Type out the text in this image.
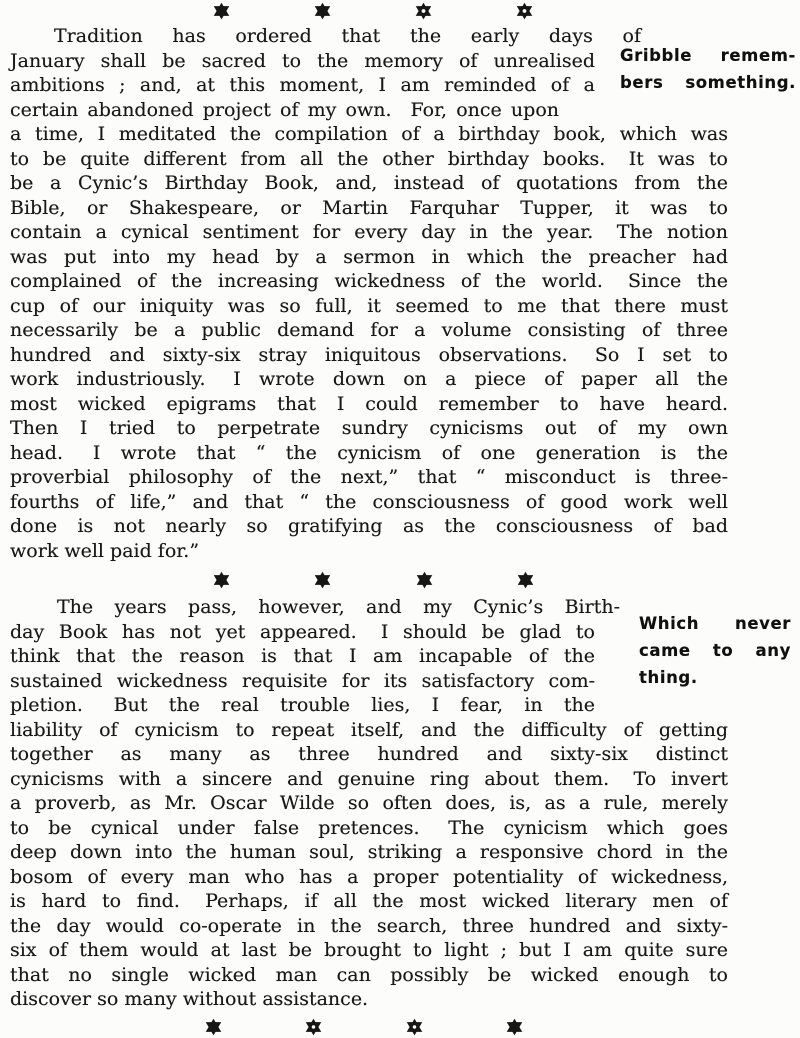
Gribble remem-
bers something.
Tradition has ordered that the early days of
January shall be sacred to the memory of unrealised
ambitions ; and, at this moment, I am reminded of a
certain abandoned project of my own. For, once upon
a time, I meditated the compilation of a birthday book, which was
to be quite different from all the other birthday books.  It was to
be a Cynic’s Birthday Book, and, instead of quotations from the
Bible, or Shakespeare, or Martin Farquhar Tupper, it was to
contain a cynical sentiment for every day in the year.  The notion
was put into my head by a sermon in which the preacher had
complained of the increasing wickedness of the world.  Since the
cup of our iniquity was so full, it seemed to me that there must
necessarily be a public demand for a volume consisting of three
hundred and sixty-six stray iniquitous observations.  So I set to
work industriously.  I wrote down on a piece of paper all the
most wicked epigrams that I could remember to have heard.
Then I tried to perpetrate sundry cynicisms out of my own
head.  I wrote that “ the cynicism of one generation is the
proverbial philosophy of the next,” that “ misconduct is three-
fourths of life,” and that “ the consciousness of good work well
done is not nearly so gratifying as the consciousness of bad
work well paid for.”
Which never
came to any
thing.
The years pass, however, and my Cynic’s Birth-
day Book has not yet appeared.  I should be glad to
think that the reason is that I am incapable of the
sustained wickedness requisite for its satisfactory com-
pletion.  But the real trouble lies, I fear, in the
liability of cynicism to repeat itself, and the difficulty of getting
together as many as three hundred and sixty-six distinct
cynicisms with a sincere and genuine ring about them.  To invert
a proverb, as Mr. Oscar Wilde so often does, is, as a rule, merely
to be cynical under false pretences.  The cynicism which goes
deep down into the human soul, striking a responsive chord in the
bosom of every man who has a proper potentiality of wickedness,
is hard to find.  Perhaps, if all the most wicked literary men of
the day would co-operate in the search, three hundred and sixty-
six of them would at last be brought to light ; but I am quite sure
that no single wicked man can possibly be wicked enough to
discover so many without assistance.
